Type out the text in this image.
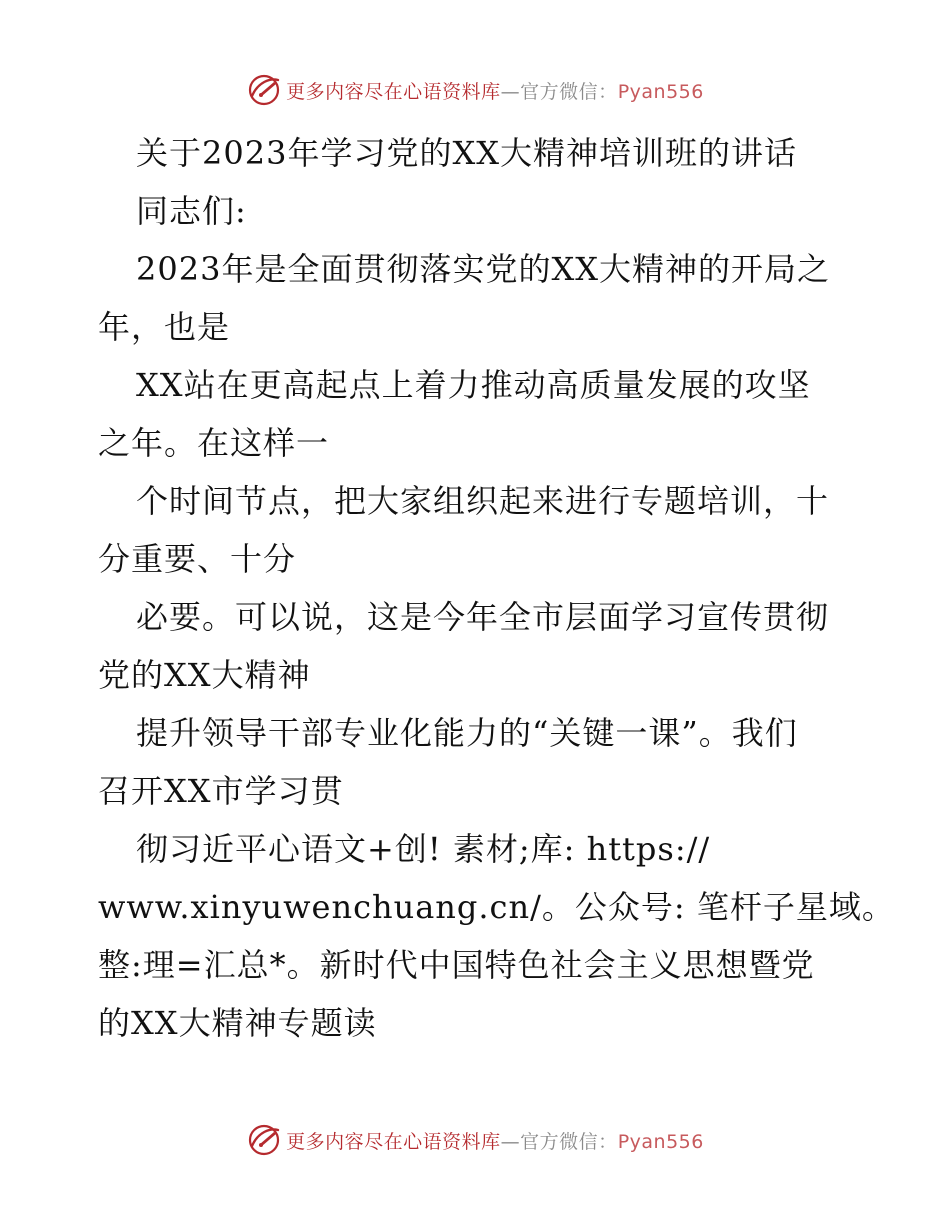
更多内容尽在心语资料库—官方微信：Pyan556
关于2023年学习党的XX大精神培训班的讲话
同志们:
2023年是全面贯彻落实党的XX大精神的开局之
年，也是
XX站在更高起点上着力推动高质量发展的攻坚
之年。在这样一
个时间节点，把大家组织起来进行专题培训，十
分重要、十分
必要。可以说，这是今年全市层面学习宣传贯彻
党的XX大精神
提升领导干部专业化能力的“关键一课”。我们
召开XX市学习贯
彻习近平心语文+创! 素材;库: https://
www.xinyuwenchuang.cn/。公众号: 笔杆子星域。
整:理=汇总*。新时代中国特色社会主义思想暨党
的XX大精神专题读
更多内容尽在心语资料库—官方微信：Pyan556
